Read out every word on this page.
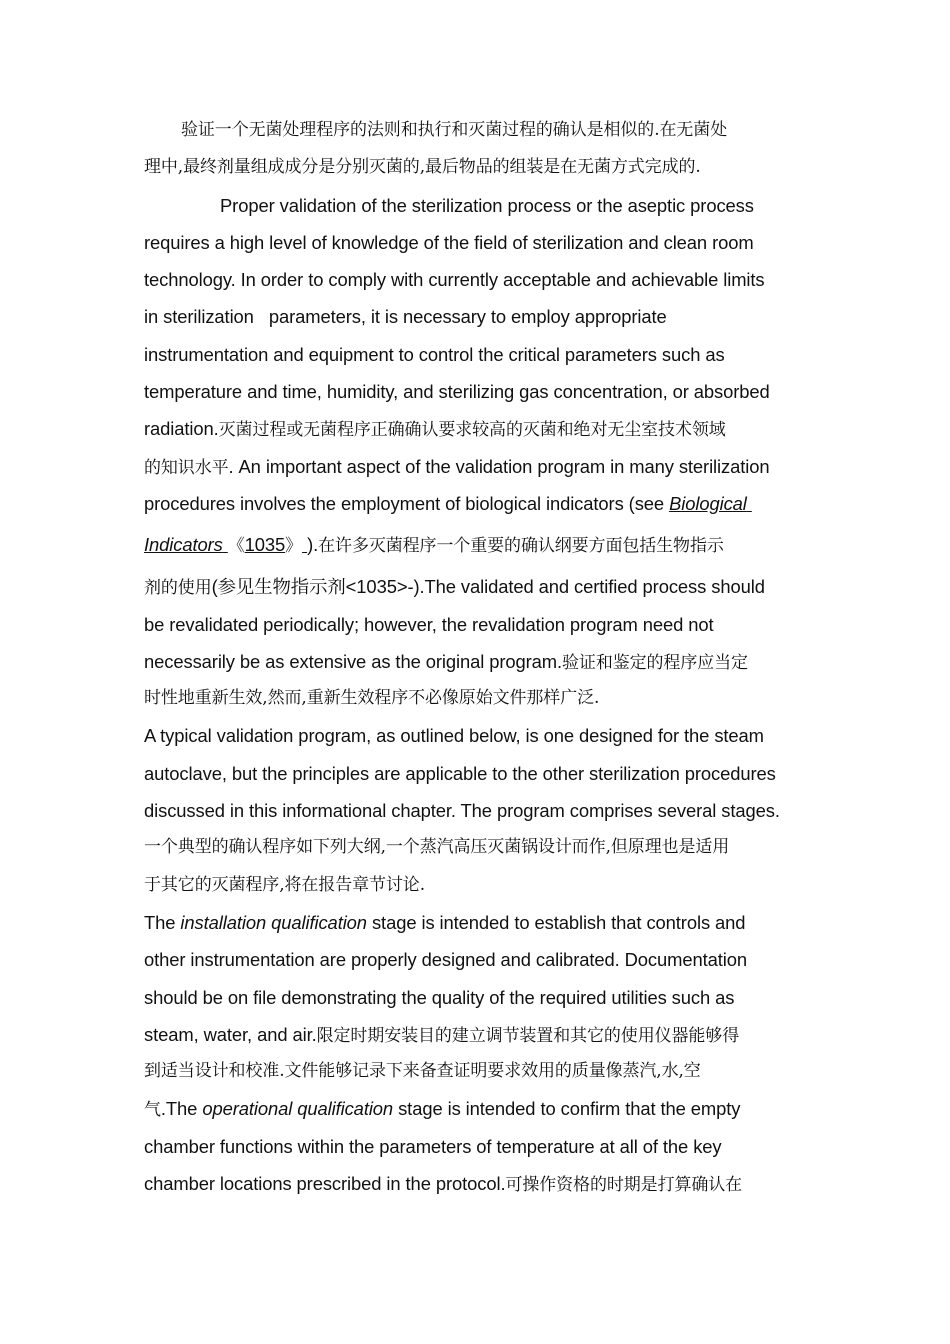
验证一个无菌处理程序的法则和执行和灭菌过程的确认是相似的.在无菌处
理中,最终剂量组成成分是分别灭菌的,最后物品的组装是在无菌方式完成的.
Proper validation of the sterilization process or the aseptic process
requires a high level of knowledge of the field of sterilization and clean room
technology. In order to comply with currently acceptable and achievable limits
in sterilization   parameters, it is necessary to employ appropriate
instrumentation and equipment to control the critical parameters such as
temperature and time, humidity, and sterilizing gas concentration, or absorbed
radiation.灭菌过程或无菌程序正确确认要求较高的灭菌和绝对无尘室技术领域
的知识水平. An important aspect of the validation program in many sterilization
procedures involves the employment of biological indicators (see Biological
Indicators 《1035》 ).在许多灭菌程序一个重要的确认纲要方面包括生物指示
剂的使用(参见生物指示剂<1035>-).The validated and certified process should
be revalidated periodically; however, the revalidation program need not
necessarily be as extensive as the original program.验证和鉴定的程序应当定
时性地重新生效,然而,重新生效程序不必像原始文件那样广泛.
A typical validation program, as outlined below, is one designed for the steam
autoclave, but the principles are applicable to the other sterilization procedures
discussed in this informational chapter. The program comprises several stages.
一个典型的确认程序如下列大纲,一个蒸汽高压灭菌锅设计而作,但原理也是适用
于其它的灭菌程序,将在报告章节讨论.
The installation qualification stage is intended to establish that controls and
other instrumentation are properly designed and calibrated. Documentation
should be on file demonstrating the quality of the required utilities such as
steam, water, and air.限定时期安装目的建立调节装置和其它的使用仪器能够得
到适当设计和校准.文件能够记录下来备查证明要求效用的质量像蒸汽,水,空
气.The operational qualification stage is intended to confirm that the empty
chamber functions within the parameters of temperature at all of the key
chamber locations prescribed in the protocol.可操作资格的时期是打算确认在
